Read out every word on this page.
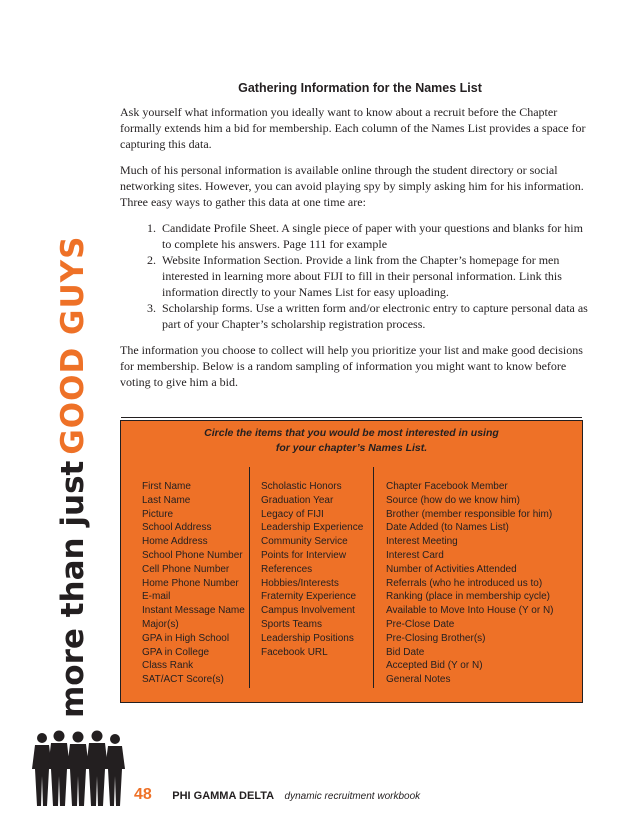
more than justGOOD GUYS
Gathering Information for the Names List

Ask yourself what information you ideally want to know about a recruit before the Chapter formally extends him a bid for membership. Each column of the Names List provides a space for capturing this data.

Much of his personal information is available online through the student directory or social networking sites. However, you can avoid playing spy by simply asking him for his information. Three easy ways to gather this data at one time are:

1. Candidate Profile Sheet. A single piece of paper with your questions and blanks for him to complete his answers. Page 111 for example
2. Website Information Section. Provide a link from the Chapter’s homepage for men interested in learning more about FIJI to fill in their personal information. Link this information directly to your Names List for easy uploading.
3. Scholarship forms. Use a written form and/or electronic entry to capture personal data as part of your Chapter’s scholarship registration process.

The information you choose to collect will help you prioritize your list and make good decisions for membership. Below is a random sampling of information you might want to know before voting to give him a bid.

Circle the items that you would be most interested in using
for your chapter’s Names List.
First Name
Last Name
Picture
School Address
Home Address
School Phone Number
Cell Phone Number
Home Phone Number
E-mail
Instant Message Name
Major(s)
GPA in High School
GPA in College
Class Rank
SAT/ACT Score(s)
Scholastic Honors
Graduation Year
Legacy of FIJI
Leadership Experience
Community Service
Points for Interview
References
Hobbies/Interests
Fraternity Experience
Campus Involvement
Sports Teams
Leadership Positions
Facebook URL
Chapter Facebook Member
Source (how do we know him)
Brother (member responsible for him)
Date Added (to Names List)
Interest Meeting
Interest Card
Number of Activities Attended
Referrals (who he introduced us to)
Ranking (place in membership cycle)
Available to Move Into House (Y or N)
Pre-Close Date
Pre-Closing Brother(s)
Bid Date
Accepted Bid (Y or N)
General Notes
48 PHI GAMMA DELTA dynamic recruitment workbook
